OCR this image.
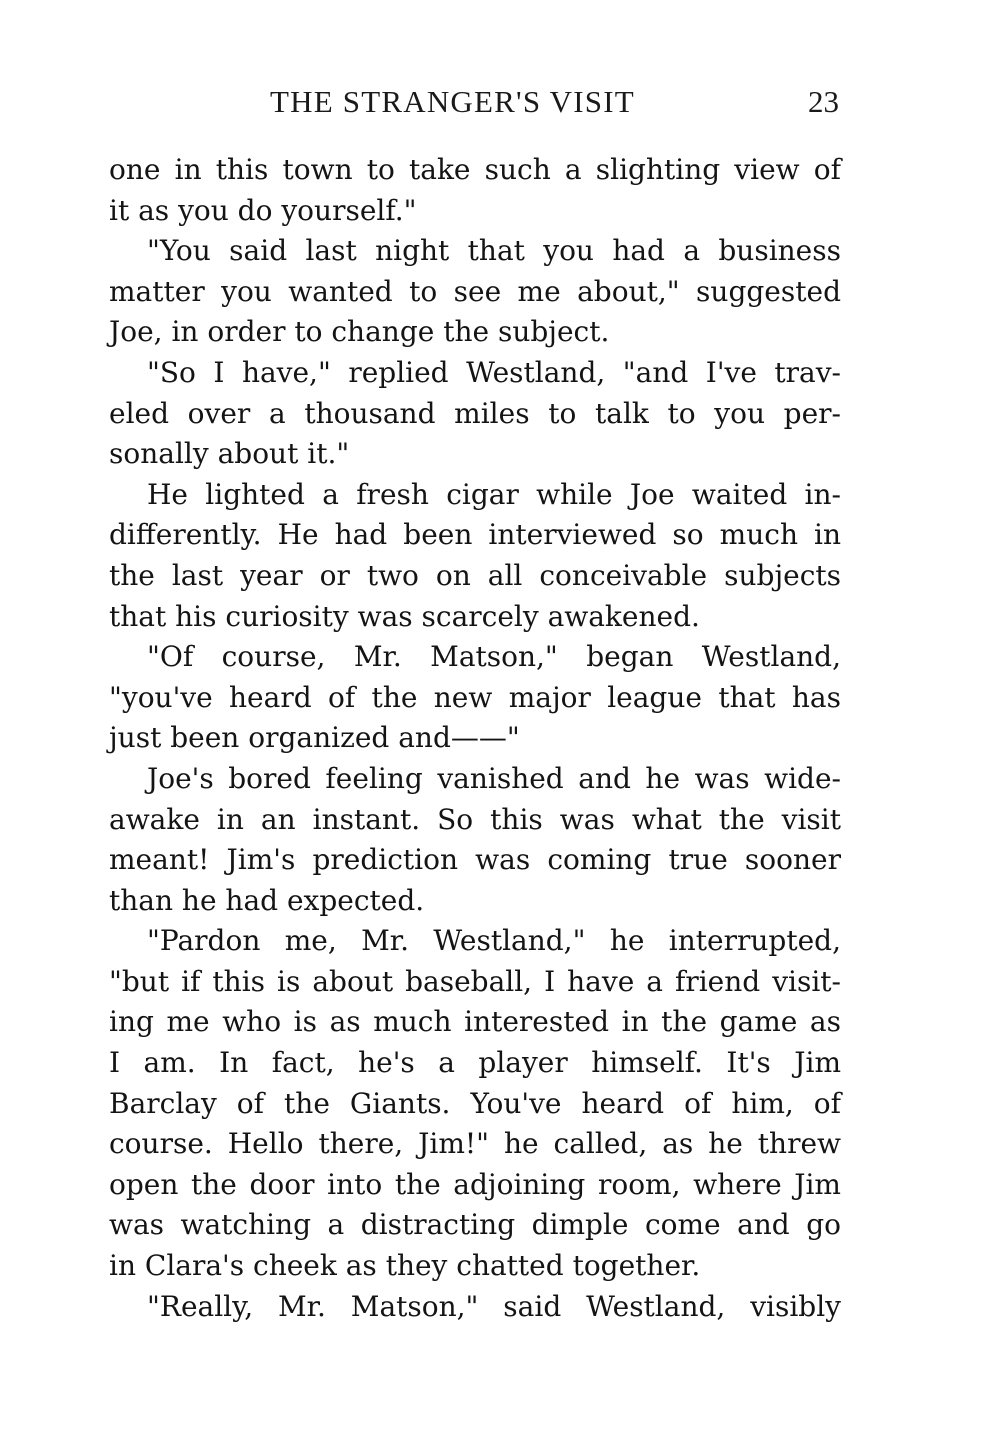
THE STRANGER'S VISIT	23
one in this town to take such a slighting view of
it as you do yourself."
"You said last night that you had a business
matter you wanted to see me about," suggested
Joe, in order to change the subject.
"So I have," replied Westland, "and I've trav-
eled over a thousand miles to talk to you per-
sonally about it."
He lighted a fresh cigar while Joe waited in-
differently. He had been interviewed so much in
the last year or two on all conceivable subjects
that his curiosity was scarcely awakened.
"Of course, Mr. Matson," began Westland,
"you've heard of the new major league that has
just been organized and——"
Joe's bored feeling vanished and he was wide-
awake in an instant. So this was what the visit
meant! Jim's prediction was coming true sooner
than he had expected.
"Pardon me, Mr. Westland," he interrupted,
"but if this is about baseball, I have a friend visit-
ing me who is as much interested in the game as
I am. In fact, he's a player himself. It's Jim
Barclay of the Giants. You've heard of him, of
course. Hello there, Jim!" he called, as he threw
open the door into the adjoining room, where Jim
was watching a distracting dimple come and go
in Clara's cheek as they chatted together.
"Really, Mr. Matson," said Westland, visibly
